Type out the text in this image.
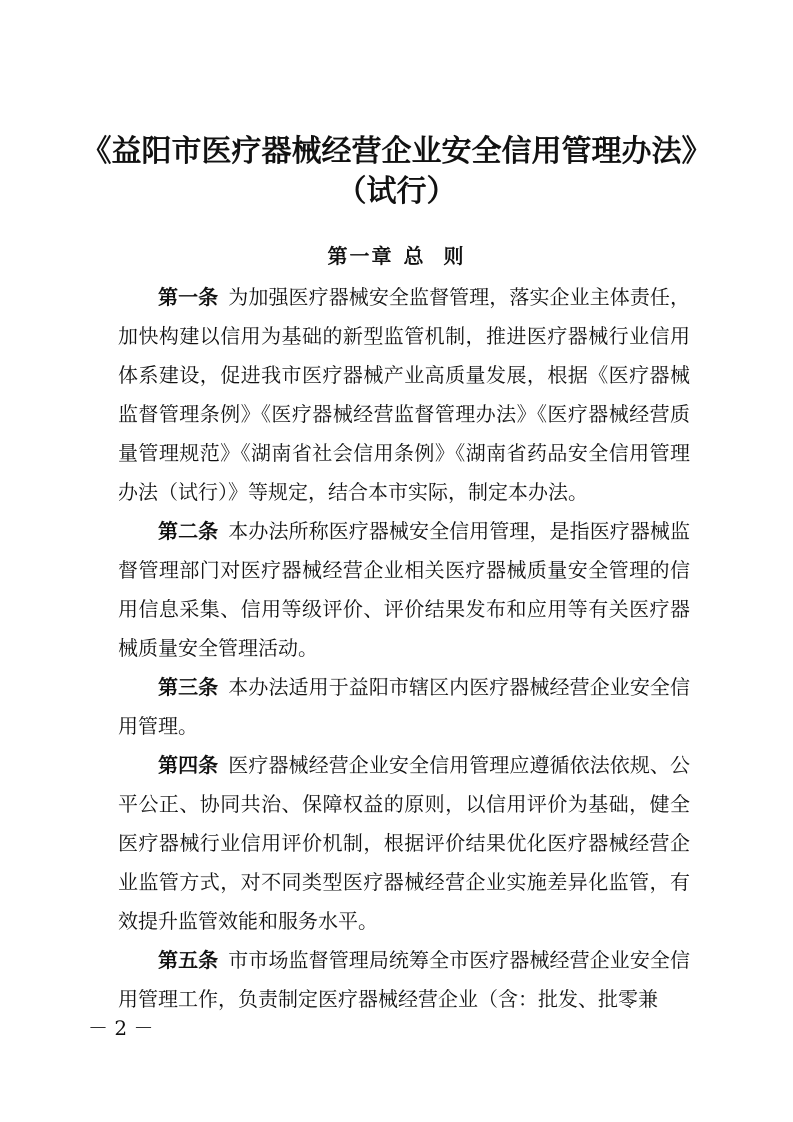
《益阳市医疗器械经营企业安全信用管理办法》
（试行）
第一章 总  则

第一条  为加强医疗器械安全监督管理，落实企业主体责任，加快构建以信用为基础的新型监管机制，推进医疗器械行业信用体系建设，促进我市医疗器械产业高质量发展，根据《医疗器械监督管理条例》《医疗器械经营监督管理办法》《医疗器械经营质量管理规范》《湖南省社会信用条例》《湖南省药品安全信用管理办法（试行）》等规定，结合本市实际，制定本办法。

第二条  本办法所称医疗器械安全信用管理，是指医疗器械监督管理部门对医疗器械经营企业相关医疗器械质量安全管理的信用信息采集、信用等级评价、评价结果发布和应用等有关医疗器械质量安全管理活动。

第三条  本办法适用于益阳市辖区内医疗器械经营企业安全信用管理。

第四条  医疗器械经营企业安全信用管理应遵循依法依规、公平公正、协同共治、保障权益的原则，以信用评价为基础，健全医疗器械行业信用评价机制，根据评价结果优化医疗器械经营企业监管方式，对不同类型医疗器械经营企业实施差异化监管，有效提升监管效能和服务水平。

第五条  市市场监督管理局统筹全市医疗器械经营企业安全信用管理工作，负责制定医疗器械经营企业（含：批发、批零兼

－ 2 －
